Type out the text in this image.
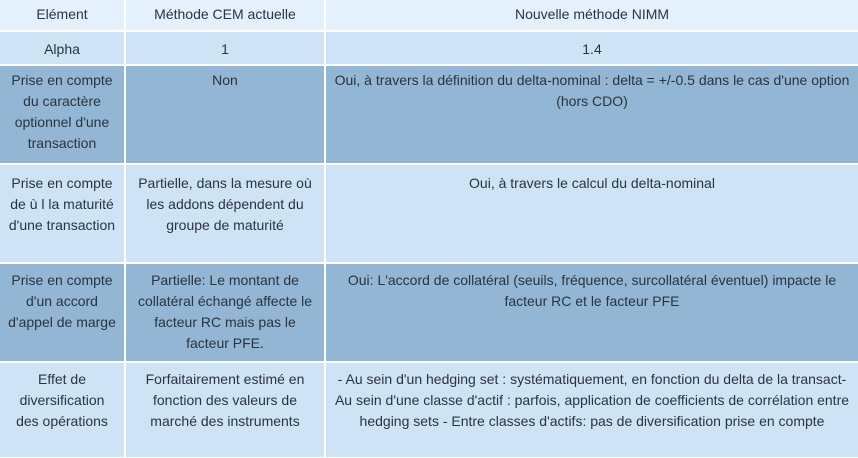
Elément	Méthode CEM actuelle	Nouvelle méthode NIMM
Alpha	1	1.4
Prise en compte du caractère optionnel d'une transaction	Non	Oui, à travers la définition du delta-nominal : delta = +/-0.5 dans le cas d'une option (hors CDO)
Prise en compte de ù l la maturité d'une transaction	Partielle, dans la mesure où les addons dépendent du groupe de maturité	Oui, à travers le calcul du delta-nominal
Prise en compte d'un accord d'appel de marge	Partielle: Le montant de collatéral échangé affecte le facteur RC mais pas le facteur PFE.	Oui: L'accord de collatéral (seuils, fréquence, surcollatéral éventuel) impacte le facteur RC et le facteur PFE
Effet de diversification des opérations	Forfaitairement estimé en fonction des valeurs de marché des instruments	- Au sein d'un hedging set : systématiquement, en fonction du delta de la transact- Au sein d'une classe d'actif : parfois, application de coefficients de corrélation entre hedging sets - Entre classes d'actifs: pas de diversification prise en compte
